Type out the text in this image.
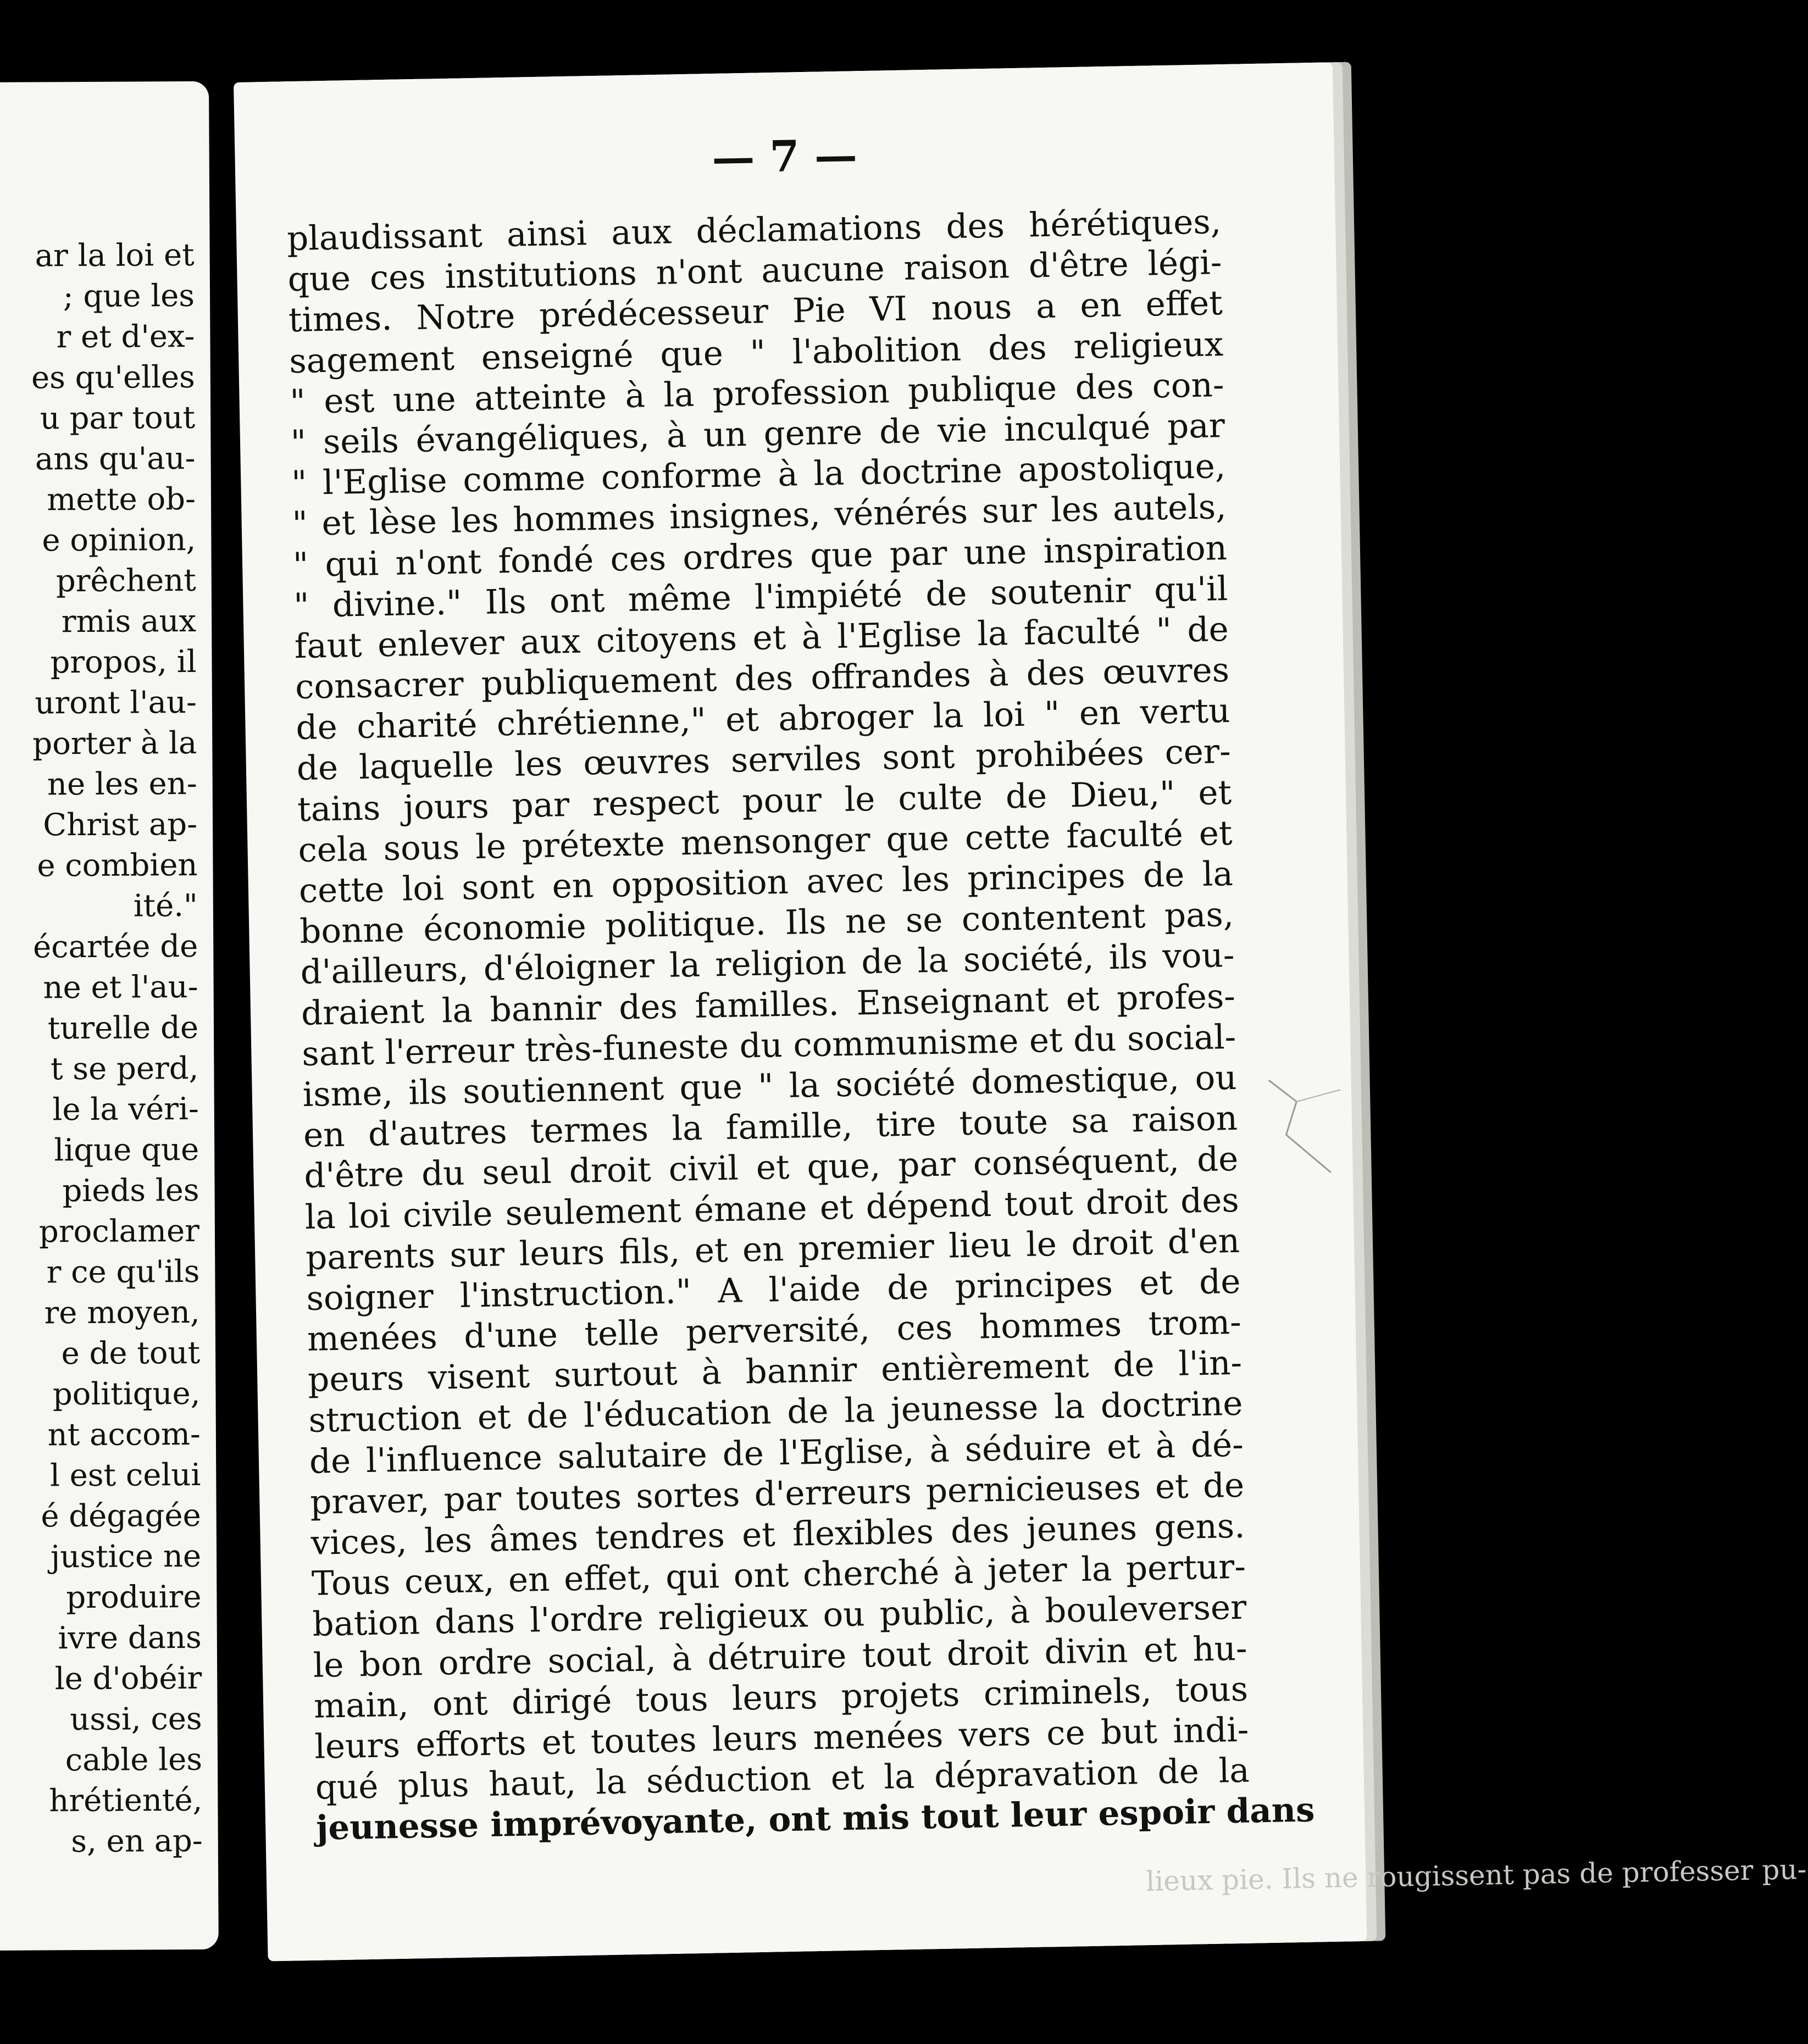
ar la loi et
; que les
r et d'ex-
es qu'elles
u par tout
ans qu'au-
mette ob-
e opinion,
prêchent
rmis aux
propos, il
uront l'au-
porter à la
ne les en-
Christ ap-
e combien
ité."
écartée de
ne et l'au-
turelle de
t se perd,
le la véri-
lique que
pieds les
proclamer
r ce qu'ils
re moyen,
e de tout
politique,
nt accom-
l est celui
é dégagée
justice ne
produire
ivre dans
le d'obéir
ussi, ces
cable les
hrétienté,
s, en ap-
— 7 —
plaudissant ainsi aux déclamations des hérétiques,
que ces institutions n'ont aucune raison d'être légi-
times. Notre prédécesseur Pie VI nous a en effet
sagement enseigné que " l'abolition des religieux
" est une atteinte à la profession publique des con-
" seils évangéliques, à un genre de vie inculqué par
" l'Eglise comme conforme à la doctrine apostolique,
" et lèse les hommes insignes, vénérés sur les autels,
" qui n'ont fondé ces ordres que par une inspiration
" divine." Ils ont même l'impiété de soutenir qu'il
faut enlever aux citoyens et à l'Eglise la faculté " de
consacrer publiquement des offrandes à des œuvres
de charité chrétienne," et abroger la loi " en vertu
de laquelle les œuvres serviles sont prohibées cer-
tains jours par respect pour le culte de Dieu," et
cela sous le prétexte mensonger que cette faculté et
cette loi sont en opposition avec les principes de la
bonne économie politique. Ils ne se contentent pas,
d'ailleurs, d'éloigner la religion de la société, ils vou-
draient la bannir des familles. Enseignant et profes-
sant l'erreur très-funeste du communisme et du social-
isme, ils soutiennent que " la société domestique, ou
en d'autres termes la famille, tire toute sa raison
d'être du seul droit civil et que, par conséquent, de
la loi civile seulement émane et dépend tout droit des
parents sur leurs fils, et en premier lieu le droit d'en
soigner l'instruction." A l'aide de principes et de
menées d'une telle perversité, ces hommes trom-
peurs visent surtout à bannir entièrement de l'in-
struction et de l'éducation de la jeunesse la doctrine
de l'influence salutaire de l'Eglise, à séduire et à dé-
praver, par toutes sortes d'erreurs pernicieuses et de
vices, les âmes tendres et flexibles des jeunes gens.
Tous ceux, en effet, qui ont cherché à jeter la pertur-
bation dans l'ordre religieux ou public, à bouleverser
le bon ordre social, à détruire tout droit divin et hu-
main, ont dirigé tous leurs projets criminels, tous
leurs efforts et toutes leurs menées vers ce but indi-
qué plus haut, la séduction et la dépravation de la
jeunesse imprévoyante, ont mis tout leur espoir dans
lieux pie. Ils ne rougissent pas de professer pu-
